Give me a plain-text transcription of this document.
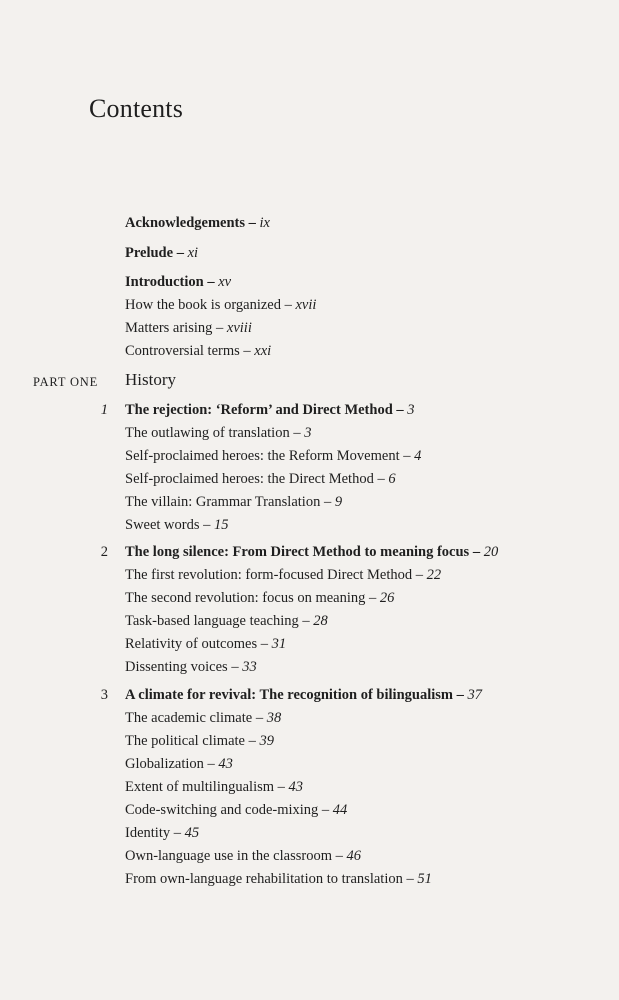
Contents
Acknowledgements – ix
Prelude – xi
Introduction – xv
How the book is organized – xvii
Matters arising – xviii
Controversial terms – xxi
PART ONE History
1 The rejection: ‘Reform’ and Direct Method – 3
The outlawing of translation – 3
Self-proclaimed heroes: the Reform Movement – 4
Self-proclaimed heroes: the Direct Method – 6
The villain: Grammar Translation – 9
Sweet words – 15
2 The long silence: From Direct Method to meaning focus – 20
The first revolution: form-focused Direct Method – 22
The second revolution: focus on meaning – 26
Task-based language teaching – 28
Relativity of outcomes – 31
Dissenting voices – 33
3 A climate for revival: The recognition of bilingualism – 37
The academic climate – 38
The political climate – 39
Globalization – 43
Extent of multilingualism – 43
Code-switching and code-mixing – 44
Identity – 45
Own-language use in the classroom – 46
From own-language rehabilitation to translation – 51
